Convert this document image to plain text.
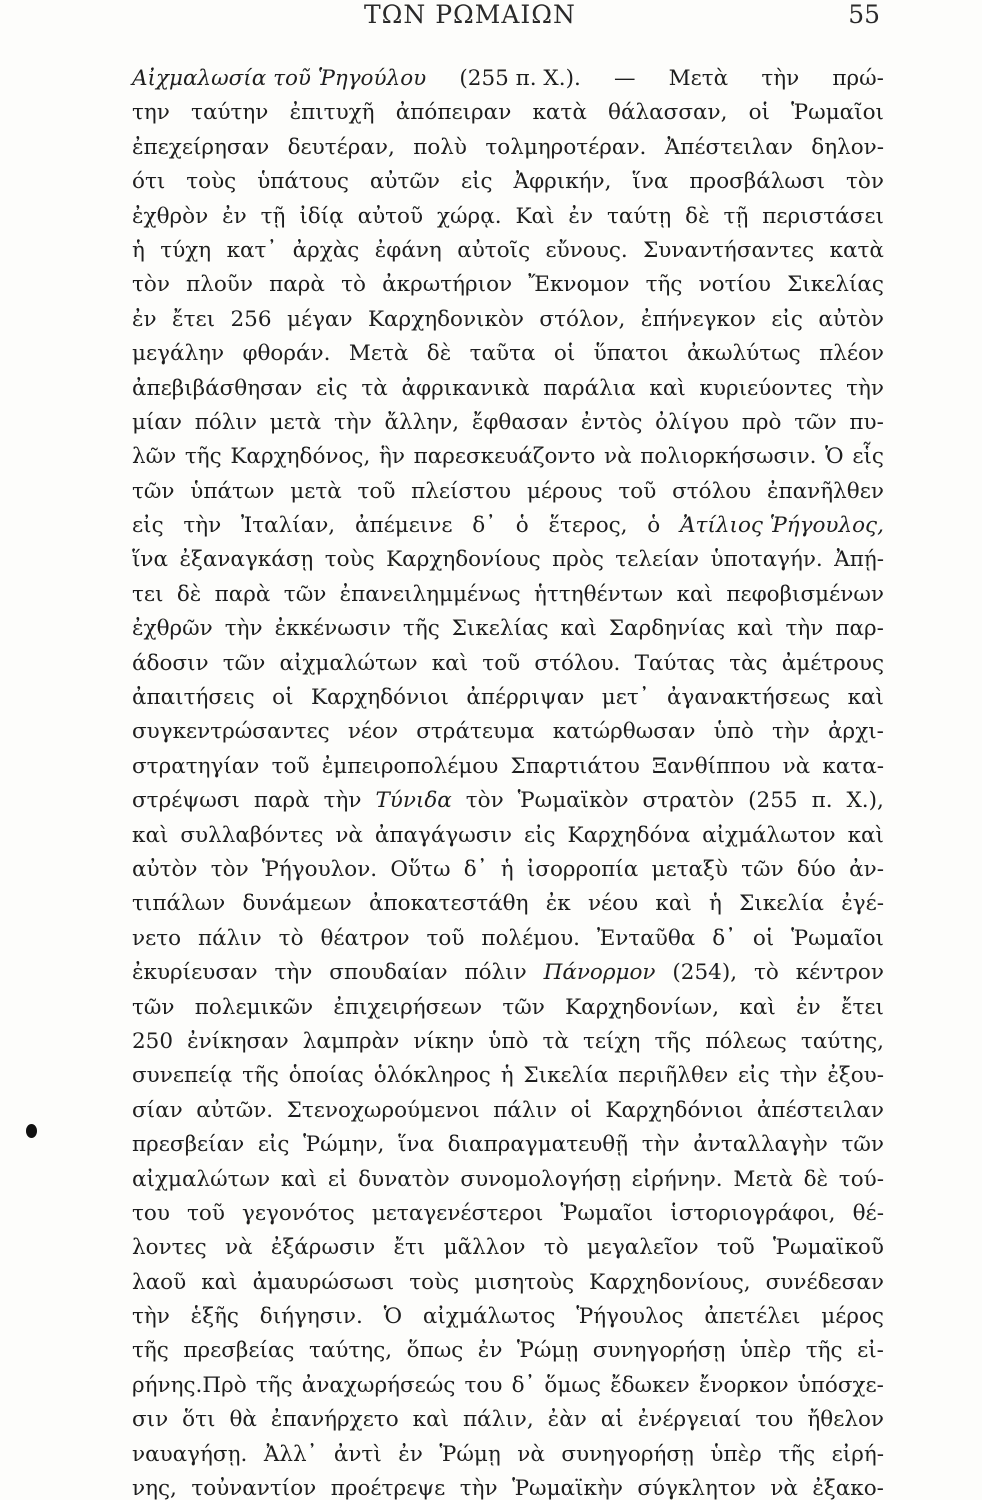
ΤΩΝ ΡΩΜΑΙΩΝ	55
Αἰχμαλωσία τοῦ Ῥηγούλου (255 π. Χ.). — Μετὰ τὴν πρώ-
την ταύτην ἐπιτυχῆ ἀπόπειραν κατὰ θάλασσαν, οἱ Ῥωμαῖοι
ἐπεχείρησαν δευτέραν, πολὺ τολμηροτέραν. Ἀπέστειλαν δηλον-
ότι τοὺς ὑπάτους αὐτῶν εἰς Ἀφρικήν, ἵνα προσβάλωσι τὸν
ἐχθρὸν ἐν τῇ ἰδίᾳ αὐτοῦ χώρᾳ. Καὶ ἐν ταύτῃ δὲ τῇ περιστάσει
ἡ τύχη κατ᾽ ἀρχὰς ἐφάνη αὐτοῖς εὔνους. Συναντήσαντες κατὰ
τὸν πλοῦν παρὰ τὸ ἀκρωτήριον Ἔκνομον τῆς νοτίου Σικελίας
ἐν ἔτει 256 μέγαν Καρχηδονικὸν στόλον, ἐπήνεγκον εἰς αὐτὸν
μεγάλην φθοράν. Μετὰ δὲ ταῦτα οἱ ὕπατοι ἀκωλύτως πλέον
ἀπεβιβάσθησαν εἰς τὰ ἀφρικανικὰ παράλια καὶ κυριεύοντες τὴν
μίαν πόλιν μετὰ τὴν ἄλλην, ἔφθασαν ἐντὸς ὀλίγου πρὸ τῶν πυ-
λῶν τῆς Καρχηδόνος, ἣν παρεσκευάζοντο νὰ πολιορκήσωσιν. Ὁ εἷς
τῶν ὑπάτων μετὰ τοῦ πλείστου μέρους τοῦ στόλου ἐπανῆλθεν
εἰς τὴν Ἰταλίαν, ἀπέμεινε δ᾽ ὁ ἕτερος, ὁ Ἀτίλιος Ῥήγουλος,
ἵνα ἐξαναγκάσῃ τοὺς Καρχηδονίους πρὸς τελείαν ὑποταγήν. Ἀπῄ-
τει δὲ παρὰ τῶν ἐπανειλημμένως ἡττηθέντων καὶ πεφοβισμένων
ἐχθρῶν τὴν ἐκκένωσιν τῆς Σικελίας καὶ Σαρδηνίας καὶ τὴν παρ-
άδοσιν τῶν αἰχμαλώτων καὶ τοῦ στόλου. Ταύτας τὰς ἀμέτρους
ἀπαιτήσεις οἱ Καρχηδόνιοι ἀπέρριψαν μετ᾽ ἀγανακτήσεως καὶ
συγκεντρώσαντες νέον στράτευμα κατώρθωσαν ὑπὸ τὴν ἀρχι-
στρατηγίαν τοῦ ἐμπειροπολέμου Σπαρτιάτου Ξανθίππου νὰ κατα-
στρέψωσι παρὰ τὴν Τύνιδα τὸν Ῥωμαϊκὸν στρατὸν (255 π. Χ.),
καὶ συλλαβόντες νὰ ἀπαγάγωσιν εἰς Καρχηδόνα αἰχμάλωτον καὶ
αὐτὸν τὸν Ῥήγουλον. Οὕτω δ᾽ ἡ ἰσορροπία μεταξὺ τῶν δύο ἀν-
τιπάλων δυνάμεων ἀποκατεστάθη ἐκ νέου καὶ ἡ Σικελία ἐγέ-
νετο πάλιν τὸ θέατρον τοῦ πολέμου. Ἐνταῦθα δ᾽ οἱ Ῥωμαῖοι
ἐκυρίευσαν τὴν σπουδαίαν πόλιν Πάνορμον (254), τὸ κέντρον
τῶν πολεμικῶν ἐπιχειρήσεων τῶν Καρχηδονίων, καὶ ἐν ἔτει
250 ἐνίκησαν λαμπρὰν νίκην ὑπὸ τὰ τείχη τῆς πόλεως ταύτης,
συνεπείᾳ τῆς ὁποίας ὁλόκληρος ἡ Σικελία περιῆλθεν εἰς τὴν ἐξου-
σίαν αὐτῶν. Στενοχωρούμενοι πάλιν οἱ Καρχηδόνιοι ἀπέστειλαν
πρεσβείαν εἰς Ῥώμην, ἵνα διαπραγματευθῇ τὴν ἀνταλλαγὴν τῶν
αἰχμαλώτων καὶ εἰ δυνατὸν συνομολογήσῃ εἰρήνην. Μετὰ δὲ τού-
του τοῦ γεγονότος μεταγενέστεροι Ῥωμαῖοι ἱστοριογράφοι, θέ-
λοντες νὰ ἐξάρωσιν ἔτι μᾶλλον τὸ μεγαλεῖον τοῦ Ῥωμαϊκοῦ
λαοῦ καὶ ἀμαυρώσωσι τοὺς μισητοὺς Καρχηδονίους, συνέδεσαν
τὴν ἑξῆς διήγησιν. Ὁ αἰχμάλωτος Ῥήγουλος ἀπετέλει μέρος
τῆς πρεσβείας ταύτης, ὅπως ἐν Ῥώμῃ συνηγορήσῃ ὑπὲρ τῆς εἰ-
ρήνης.Πρὸ τῆς ἀναχωρήσεώς του δ᾽ ὅμως ἔδωκεν ἔνορκον ὑπόσχε-
σιν ὅτι θὰ ἐπανήρχετο καὶ πάλιν, ἐὰν αἱ ἐνέργειαί του ἤθελον
ναυαγήσῃ. Ἀλλ᾽ ἀντὶ ἐν Ῥώμῃ νὰ συνηγορήσῃ ὑπὲρ τῆς εἰρή-
νης, τοὐναντίον προέτρεψε τὴν Ῥωμαϊκὴν σύγκλητον νὰ ἐξακο-
